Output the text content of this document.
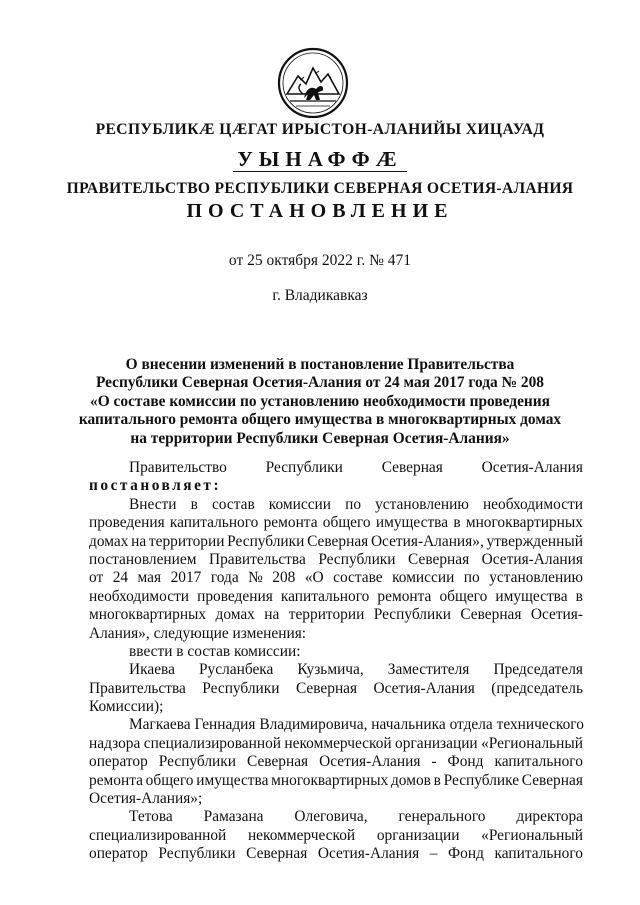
РЕСПУБЛИКӔ ЦӔГАТ ИРЫСТОН-АЛАНИЙЫ ХИЦАУАД
УЫНАФФӔ
ПРАВИТЕЛЬСТВО РЕСПУБЛИКИ СЕВЕРНАЯ ОСЕТИЯ-АЛАНИЯ
ПОСТАНОВЛЕНИЕ
от 25 октября 2022 г. № 471
г. Владикавказ
О внесении изменений в постановление Правительства
Республики Северная Осетия-Алания от 24 мая 2017 года № 208
«О составе комиссии по установлению необходимости проведения
капитального ремонта общего имущества в многоквартирных домах
на территории Республики Северная Осетия-Алания»
Правительство	Республики	Северная	Осетия-Алания
постановляет:
Внести в состав комиссии по установлению необходимости
проведения капитального ремонта общего имущества в многоквартирных
домах на территории Республики Северная Осетия-Алания», утвержденный
постановлением Правительства Республики Северная Осетия-Алания
от 24 мая 2017 года № 208 «О составе комиссии по установлению
необходимости проведения капитального ремонта общего имущества в
многоквартирных домах на территории Республики Северная Осетия-
Алания», следующие изменения:
ввести в состав комиссии:
Икаева Русланбека Кузьмича, Заместителя Председателя
Правительства Республики Северная Осетия-Алания (председатель
Комиссии);
Магкаева Геннадия Владимировича, начальника отдела технического
надзора специализированной некоммерческой организации «Региональный
оператор Республики Северная Осетия-Алания - Фонд капитального
ремонта общего имущества многоквартирных домов в Республике Северная
Осетия-Алания»;
Тетова Рамазана Олеговича, генерального директора
специализированной некоммерческой организации «Региональный
оператор Республики Северная Осетия-Алания – Фонд капитального
